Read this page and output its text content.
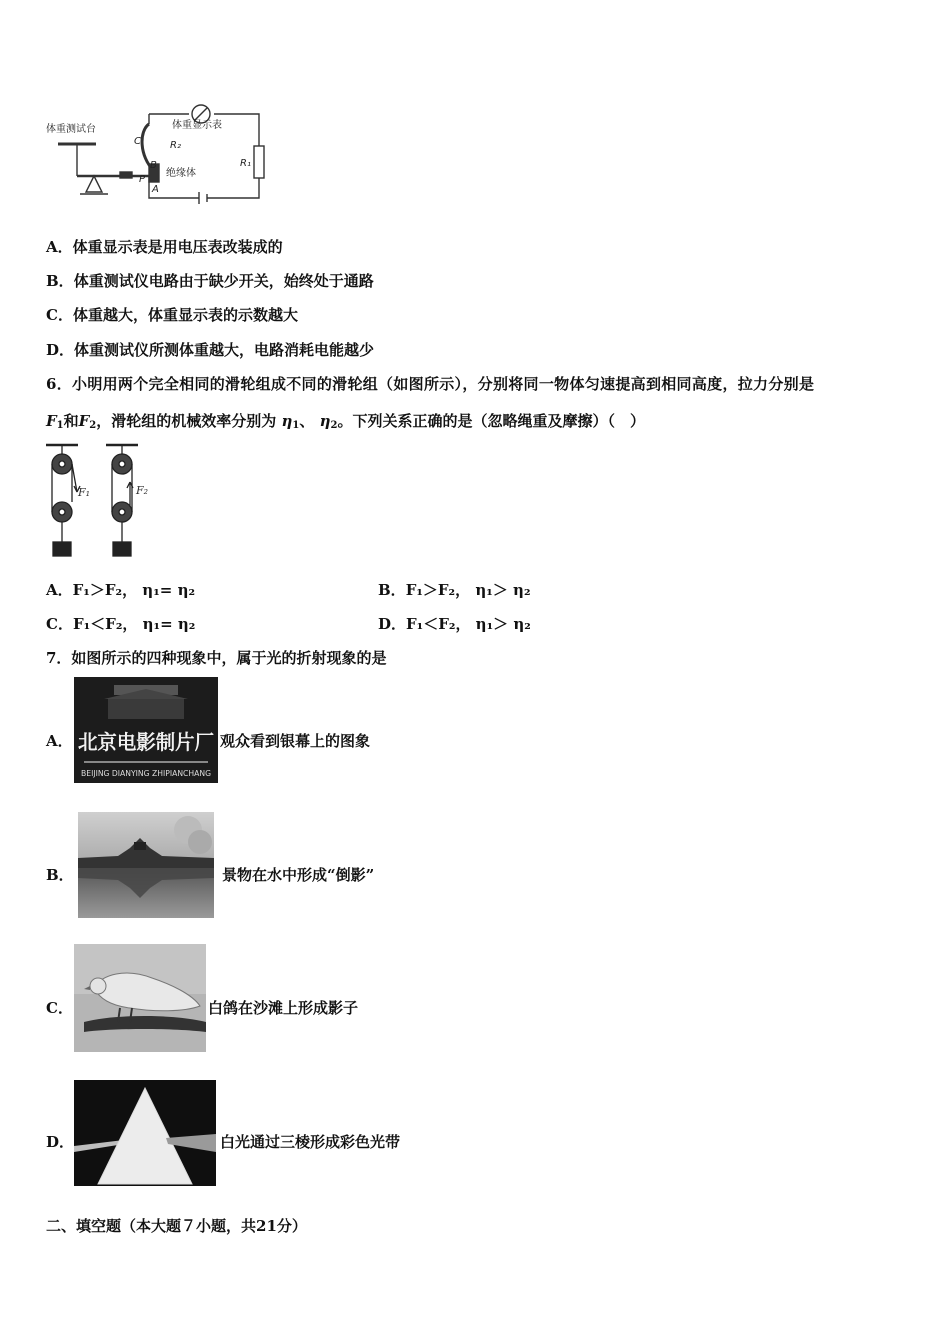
体重测试台	体重显示表
R₂
R₁
绝缘体
C
B
P
A
A．体重显示表是用电压表改装成的
B．体重测试仪电路由于缺少开关，始终处于通路
C．体重越大，体重显示表的示数越大
D．体重测试仪所测体重越大，电路消耗电能越少
6．小明用两个完全相同的滑轮组成不同的滑轮组（如图所示），分别将同一物体匀速提高到相同高度，拉力分别是
$F_1$和$F_2$，滑轮组的机械效率分别为 $\eta_1$、 $\eta_2$。下列关系正确的是（忽略绳重及摩擦）（　）
F₁	F₂
A．F₁＞F₂， η₁= η₂	B．F₁＞F₂， η₁＞ η₂
C．F₁＜F₂， η₁= η₂	D．F₁＜F₂， η₁＞ η₂
7．如图所示的四种现象中，属于光的折射现象的是
A． 北京电影制片厂
BEIJING DIANYING ZHIPIANCHANG
观众看到银幕上的图象
B．	景物在水中形成“倒影”
C．	白鸽在沙滩上形成影子
D．	白光通过三棱形成彩色光带
二、填空题（本大题７小题，共21分）
